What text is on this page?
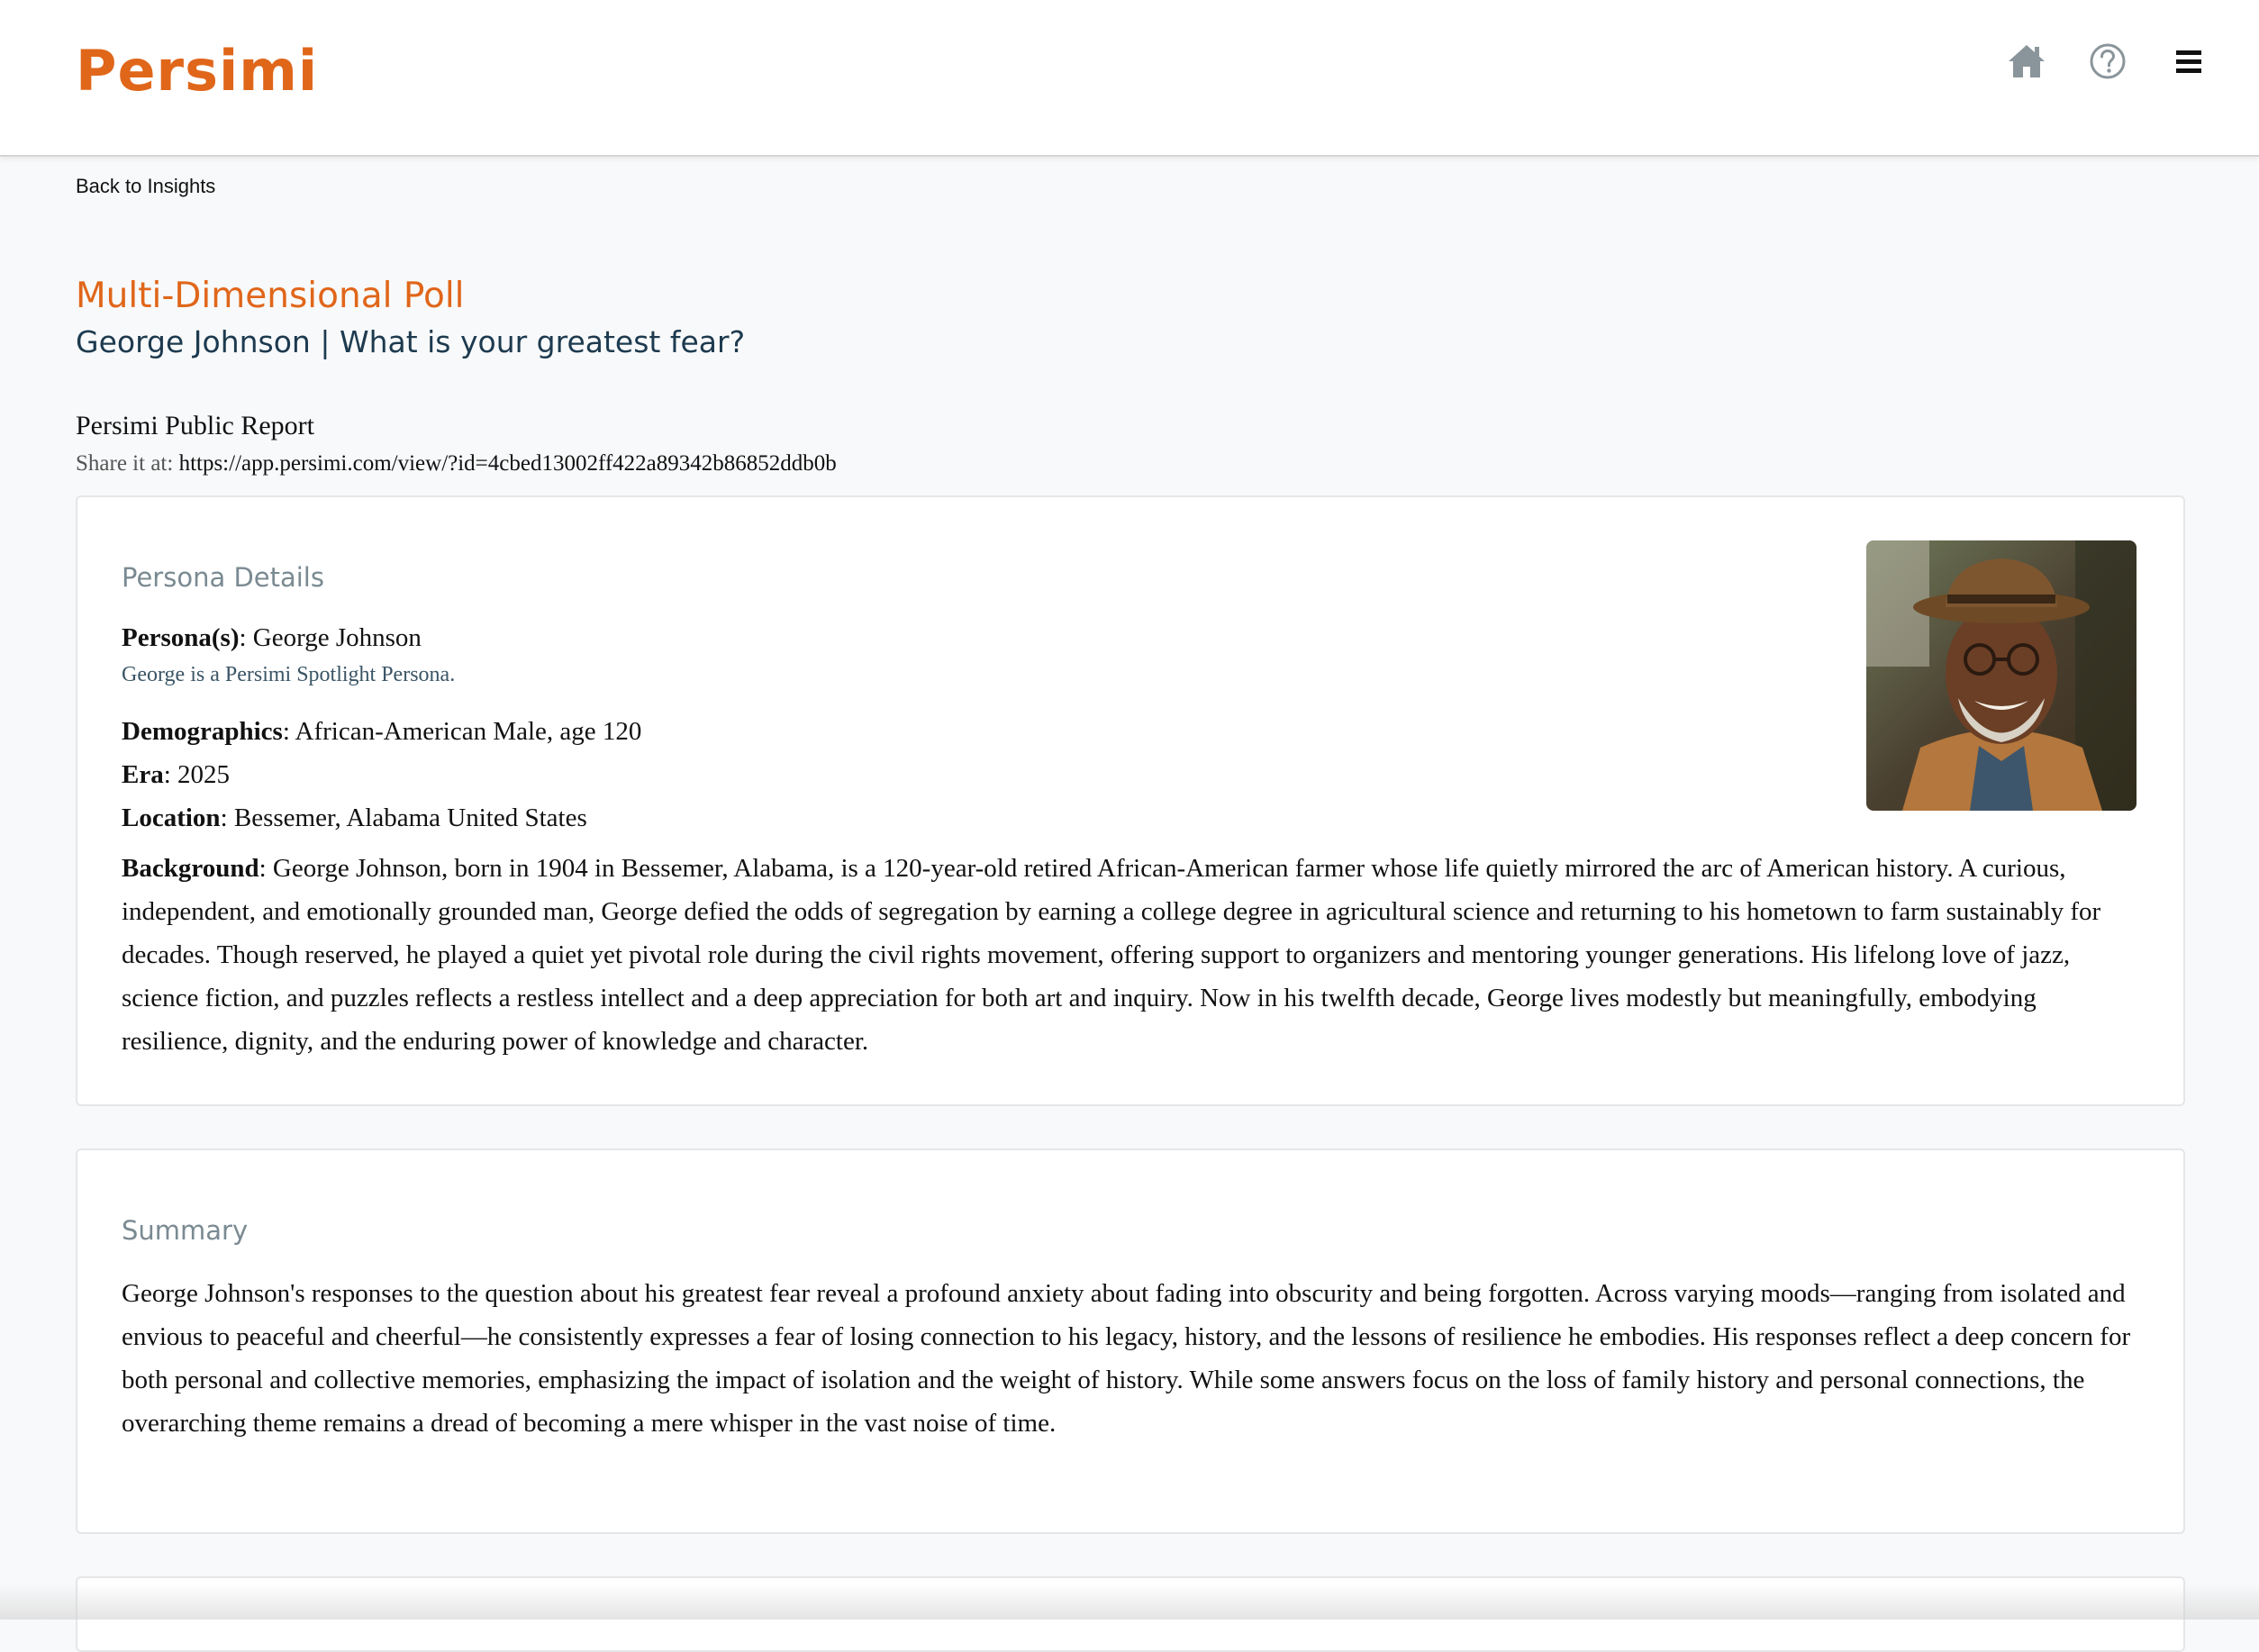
Persimi
Back to Insights
Multi-Dimensional Poll
George Johnson | What is your greatest fear?
Persimi Public Report
Share it at: https://app.persimi.com/view/?id=4cbed13002ff422a89342b86852ddb0b
Persona Details
Persona(s): George Johnson
George is a Persimi Spotlight Persona.
Demographics: African-American Male, age 120
Era: 2025
Location: Bessemer, Alabama United States
Background: George Johnson, born in 1904 in Bessemer, Alabama, is a 120-year-old retired African-American farmer whose life quietly mirrored the arc of American history. A curious, independent, and emotionally grounded man, George defied the odds of segregation by earning a college degree in agricultural science and returning to his hometown to farm sustainably for decades. Though reserved, he played a quiet yet pivotal role during the civil rights movement, offering support to organizers and mentoring younger generations. His lifelong love of jazz, science fiction, and puzzles reflects a restless intellect and a deep appreciation for both art and inquiry. Now in his twelfth decade, George lives modestly but meaningfully, embodying resilience, dignity, and the enduring power of knowledge and character.
Summary
George Johnson's responses to the question about his greatest fear reveal a profound anxiety about fading into obscurity and being forgotten. Across varying moods—ranging from isolated and envious to peaceful and cheerful—he consistently expresses a fear of losing connection to his legacy, history, and the lessons of resilience he embodies. His responses reflect a deep concern for both personal and collective memories, emphasizing the impact of isolation and the weight of history. While some answers focus on the loss of family history and personal connections, the overarching theme remains a dread of becoming a mere whisper in the vast noise of time.
